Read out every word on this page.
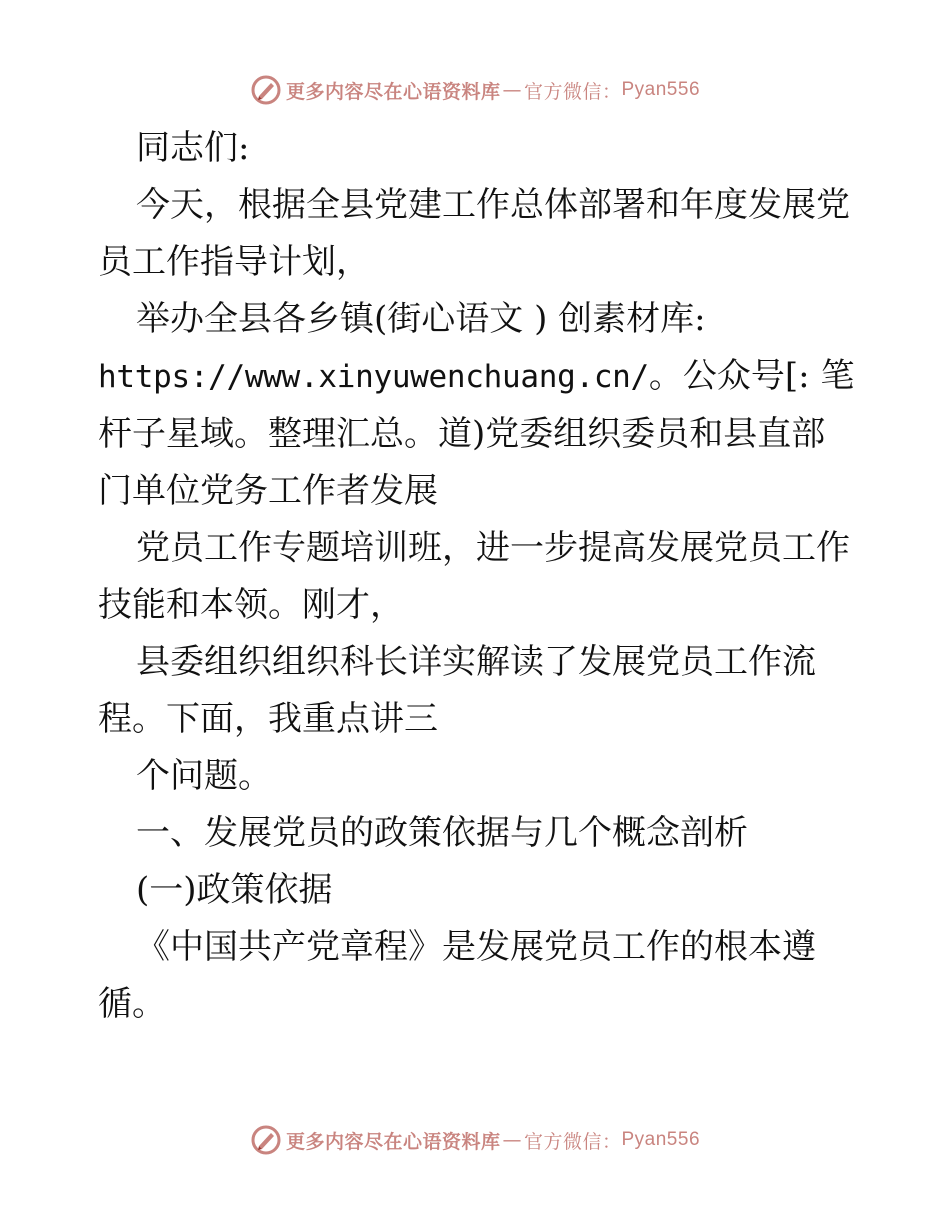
更多内容尽在心语资料库 — 官方微信： Pyan556

同志们:

今天，根据全县党建工作总体部署和年度发展党

员工作指导计划，

举办全县各乡镇(街心语文 ) 创素材库:

https://www.xinyuwenchuang.cn/。公众号[: 笔

杆子星域。整理汇总。道)党委组织委员和县直部

门单位党务工作者发展

党员工作专题培训班，进一步提高发展党员工作

技能和本领。刚才，

县委组织组织科长详实解读了发展党员工作流

程。下面，我重点讲三

个问题。

一、发展党员的政策依据与几个概念剖析

(一)政策依据

《中国共产党章程》是发展党员工作的根本遵

循。

更多内容尽在心语资料库 — 官方微信： Pyan556
